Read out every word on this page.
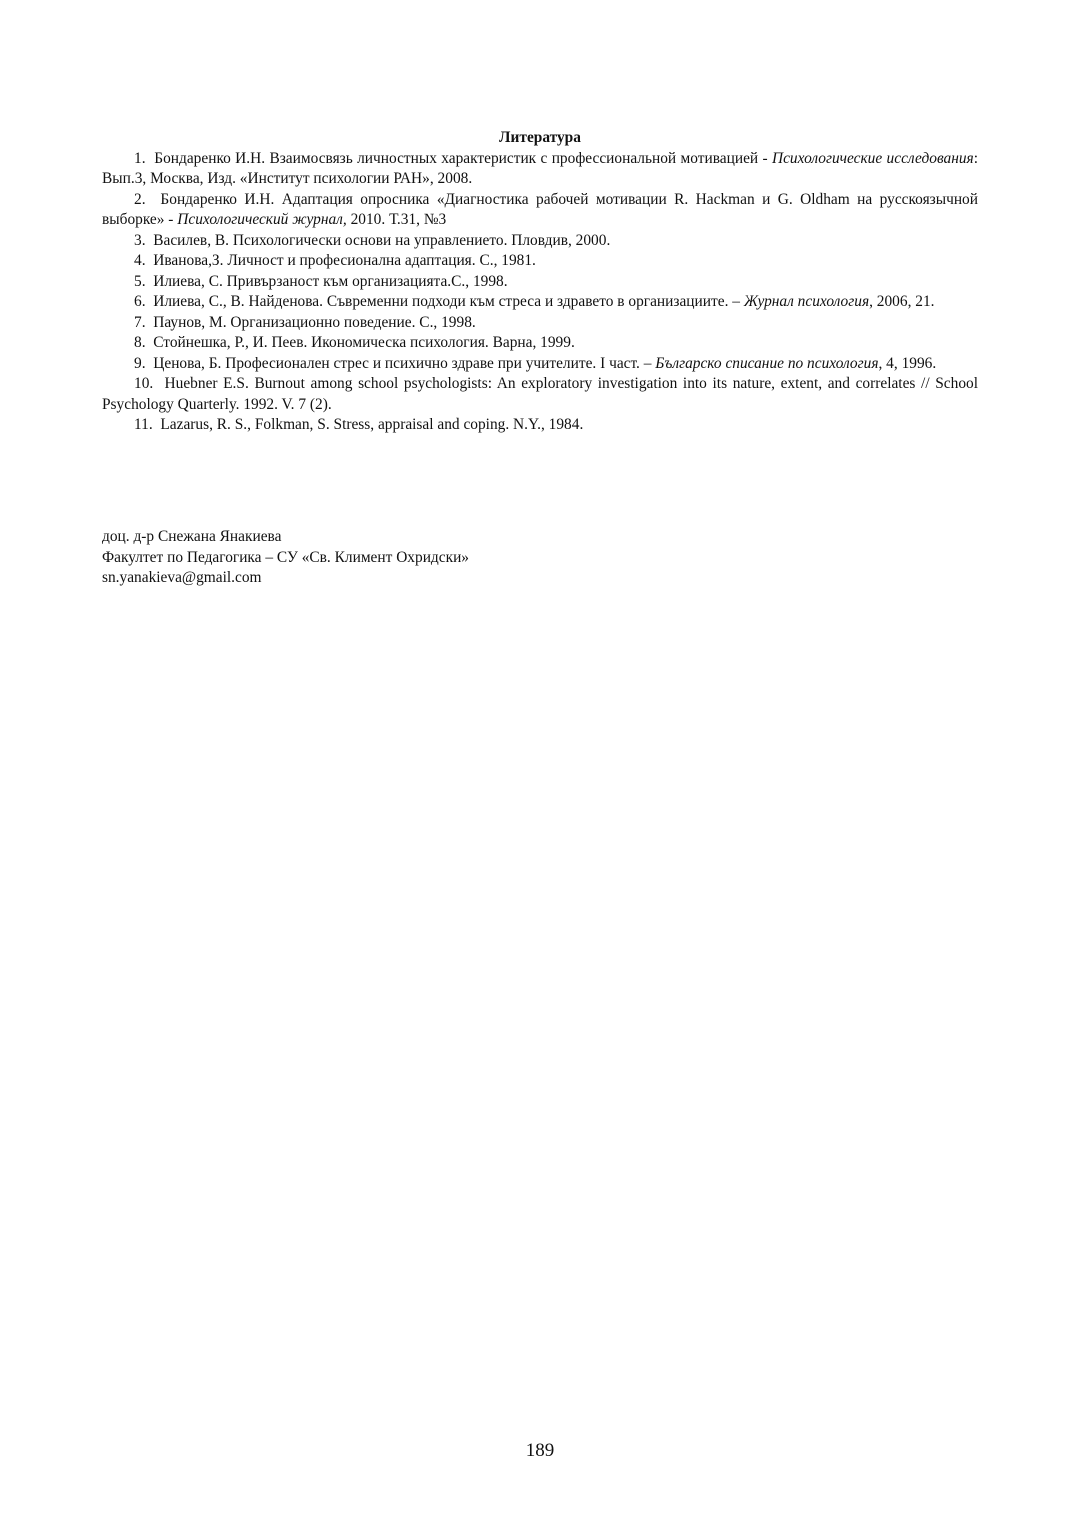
Литература

1. Бондаренко И.Н. Взаимосвязь личностных характеристик с профессиональной мотивацией - Психологические исследования: Вып.3, Москва, Изд. «Институт психологии РАН», 2008.

2. Бондаренко И.Н. Адаптация опросника «Диагностика рабочей мотивации R. Hackman и G. Oldham на русскоязычной выборке» - Психологический журнал, 2010. Т.31, №3

3. Василев, В. Психологически основи на управлението. Пловдив, 2000.

4. Иванова,З. Личност и професионална адаптация. С., 1981.

5. Илиева, С. Привързаност към организацията.С., 1998.

6. Илиева, С., В. Найденова. Съвременни подходи към стреса и здравето в организациите. – Журнал психология, 2006, 21.

7. Паунов, М. Организационно поведение. С., 1998.

8. Стойнешка, Р., И. Пеев. Икономическа психология. Варна, 1999.

9. Ценова, Б. Професионален стрес и психично здраве при учителите. I част. – Българско списание по психология, 4, 1996.

10. Huebner E.S. Burnout among school psychologists: An exploratory investigation into its nature, extent, and correlates // School Psychology Quarterly. 1992. V. 7 (2).

11. Lazarus, R. S., Folkman, S. Stress, appraisal and coping. N.Y., 1984.

доц. д-р Снежана Янакиева
Факултет по Педагогика – СУ «Св. Климент Охридски»
sn.yanakieva@gmail.com
189
